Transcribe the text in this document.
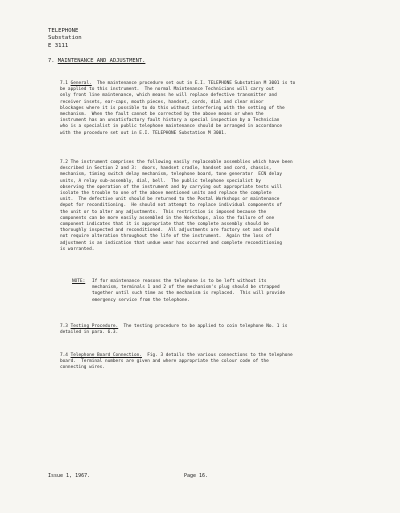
TELEPHONE
Substation
E 3111
7. MAINTENANCE AND ADJUSTMENT.
7.1 General.  The maintenance procedure set out in E.I. TELEPHONE Substation M 3001 is to
be applied to this instrument.  The normal Maintenance Technicians will carry out
only front line maintenance, which means he will replace defective transmitter and
receiver insets, ear-caps, mouth pieces, handset, cords, dial and clear minor
blockages where it is possible to do this without interfering with the setting of the
mechanism.  When the fault cannot be corrected by the above means or when the
instrument has an unsatisfactory fault history a special inspection by a Technician
who is a specialist in public telephone maintenance should be arranged in accordance
with the procedure set out in E.I. TELEPHONE Substation M 3001.
7.2 The instrument comprises the following easily replaceable assemblies which have been
described in Section 2 and 3:  doors, handset cradle, handset and cord, chassis,
mechanism, timing switch delay mechanism, telephone board, tone generator  ECN delay
units, A relay sub-assembly, dial, bell.  The public telephone specialist by
observing the operation of the instrument and by carrying out appropriate tests will
isolate the trouble to one of the above mentioned units and replace the complete
unit.  The defective unit should be returned to the Postal Workshops or maintenance
depot for reconditioning.  He should not attempt to replace individual components of
the unit or to alter any adjustments.  This restriction is imposed because the
components can be more easily assembled in the Workshops, also the failure of one
component indicates that it is appropriate that the complete assembly should be
thoroughly inspected and reconditioned.  All adjustments are factory set and should
not require alteration throughout the life of the instrument.  Again the loss of
adjustment is an indication that undue wear has occurred and complete reconditioning
is warranted.
NOTE: If for maintenance reasons the telephone is to be left without its
mechanism, terminals 1 and 2 of the mechanism's plug should be strapped
together until such time as the mechanism is replaced.  This will provide
emergency service from the telephone.
7.3 Testing Procedure.  The testing procedure to be applied to coin telephone No. 1 is
detailed in para. 6.3.
7.4 Telephone Board Connection.  Fig. 3 details the various connections to the telephone
board.  Terminal numbers are given and where appropriate the colour code of the
connecting wires.
Issue 1, 1967.	Page 16.
